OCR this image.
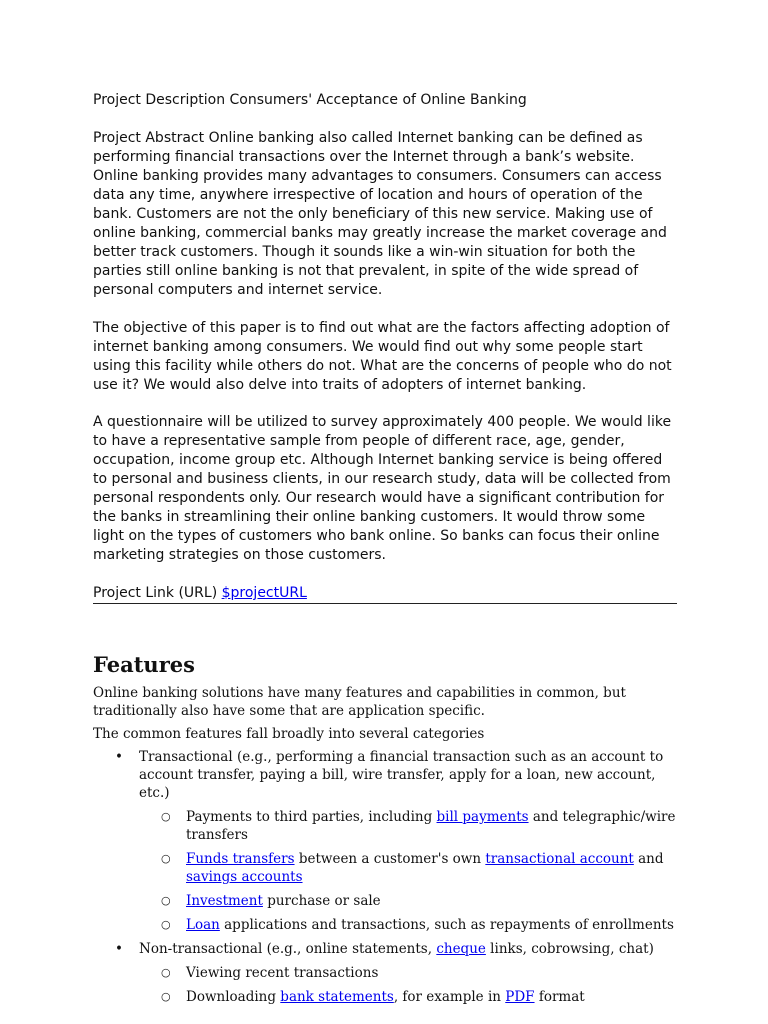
Project Description Consumers' Acceptance of Online Banking

Project Abstract Online banking also called Internet banking can be defined as performing financial transactions over the Internet through a bank’s website. Online banking provides many advantages to consumers. Consumers can access data any time, anywhere irrespective of location and hours of operation of the bank. Customers are not the only beneficiary of this new service. Making use of online banking, commercial banks may greatly increase the market coverage and better track customers. Though it sounds like a win-win situation for both the parties still online banking is not that prevalent, in spite of the wide spread of personal computers and internet service.

The objective of this paper is to find out what are the factors affecting adoption of internet banking among consumers. We would find out why some people start using this facility while others do not. What are the concerns of people who do not use it? We would also delve into traits of adopters of internet banking.

A questionnaire will be utilized to survey approximately 400 people. We would like to have a representative sample from people of different race, age, gender, occupation, income group etc. Although Internet banking service is being offered to personal and business clients, in our research study, data will be collected from personal respondents only. Our research would have a significant contribution for the banks in streamlining their online banking customers. It would throw some light on the types of customers who bank online. So banks can focus their online marketing strategies on those customers.

Project Link (URL) $projectURL

Features

Online banking solutions have many features and capabilities in common, but traditionally also have some that are application specific.

The common features fall broadly into several categories

• Transactional (e.g., performing a financial transaction such as an account to account transfer, paying a bill, wire transfer, apply for a loan, new account, etc.)
○ Payments to third parties, including bill payments and telegraphic/wire transfers
○ Funds transfers between a customer's own transactional account and savings accounts
○ Investment purchase or sale
○ Loan applications and transactions, such as repayments of enrollments
• Non-transactional (e.g., online statements, cheque links, cobrowsing, chat)
○ Viewing recent transactions
○ Downloading bank statements, for example in PDF format
